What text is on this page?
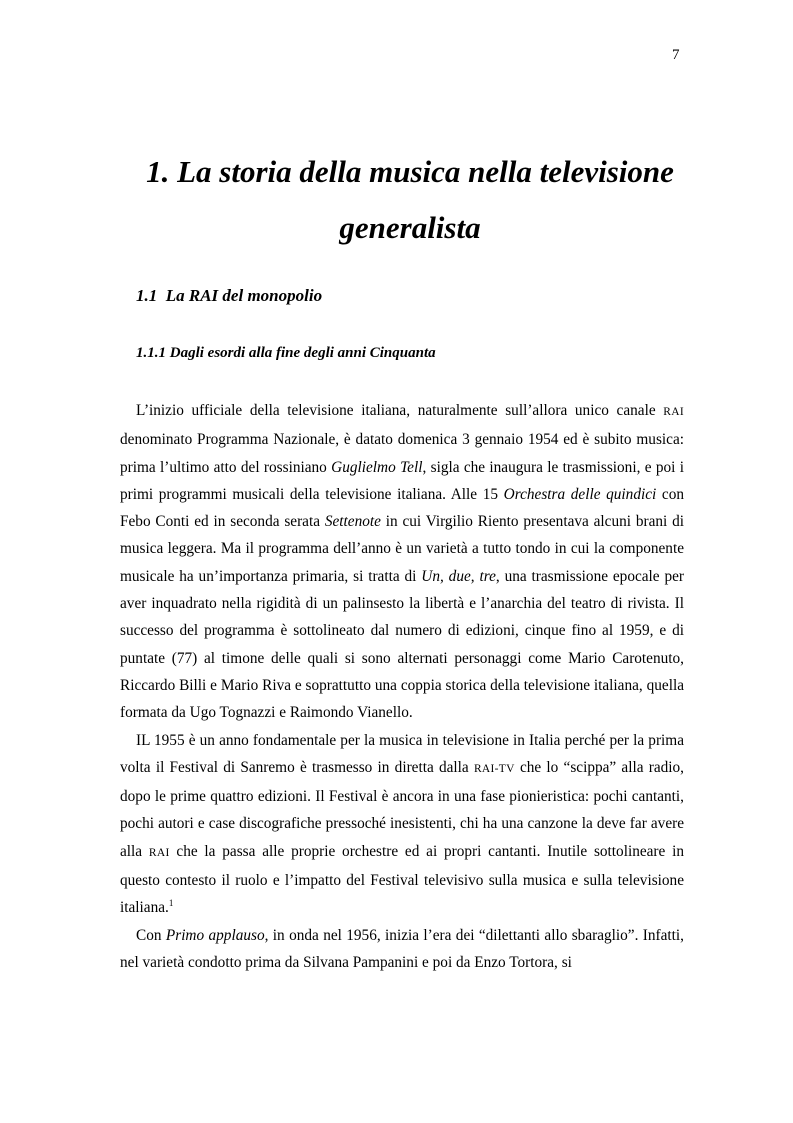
7
1. La storia della musica nella televisione
generalista
1.1 La RAI del monopolio
1.1.1 Dagli esordi alla fine degli anni Cinquanta

L’inizio ufficiale della televisione italiana, naturalmente sull’allora unico canale RAI denominato Programma Nazionale, è datato domenica 3 gennaio 1954 ed è subito musica: prima l’ultimo atto del rossiniano Guglielmo Tell, sigla che inaugura le trasmissioni, e poi i primi programmi musicali della televisione italiana. Alle 15 Orchestra delle quindici con Febo Conti ed in seconda serata Settenote in cui Virgilio Riento presentava alcuni brani di musica leggera. Ma il programma dell’anno è un varietà a tutto tondo in cui la componente musicale ha un’importanza primaria, si tratta di Un, due, tre, una trasmissione epocale per aver inquadrato nella rigidità di un palinsesto la libertà e l’anarchia del teatro di rivista. Il successo del programma è sottolineato dal numero di edizioni, cinque fino al 1959, e di puntate (77) al timone delle quali si sono alternati personaggi come Mario Carotenuto, Riccardo Billi e Mario Riva e soprattutto una coppia storica della televisione italiana, quella formata da Ugo Tognazzi e Raimondo Vianello.

IL 1955 è un anno fondamentale per la musica in televisione in Italia perché per la prima volta il Festival di Sanremo è trasmesso in diretta dalla RAI-TV che lo “scippa” alla radio, dopo le prime quattro edizioni. Il Festival è ancora in una fase pionieristica: pochi cantanti, pochi autori e case discografiche pressoché inesistenti, chi ha una canzone la deve far avere alla RAI che la passa alle proprie orchestre ed ai propri cantanti. Inutile sottolineare in questo contesto il ruolo e l’impatto del Festival televisivo sulla musica e sulla televisione italiana.$^1$

Con Primo applauso, in onda nel 1956, inizia l’era dei “dilettanti allo sbaraglio”. Infatti, nel varietà condotto prima da Silvana Pampanini e poi da Enzo Tortora, si
